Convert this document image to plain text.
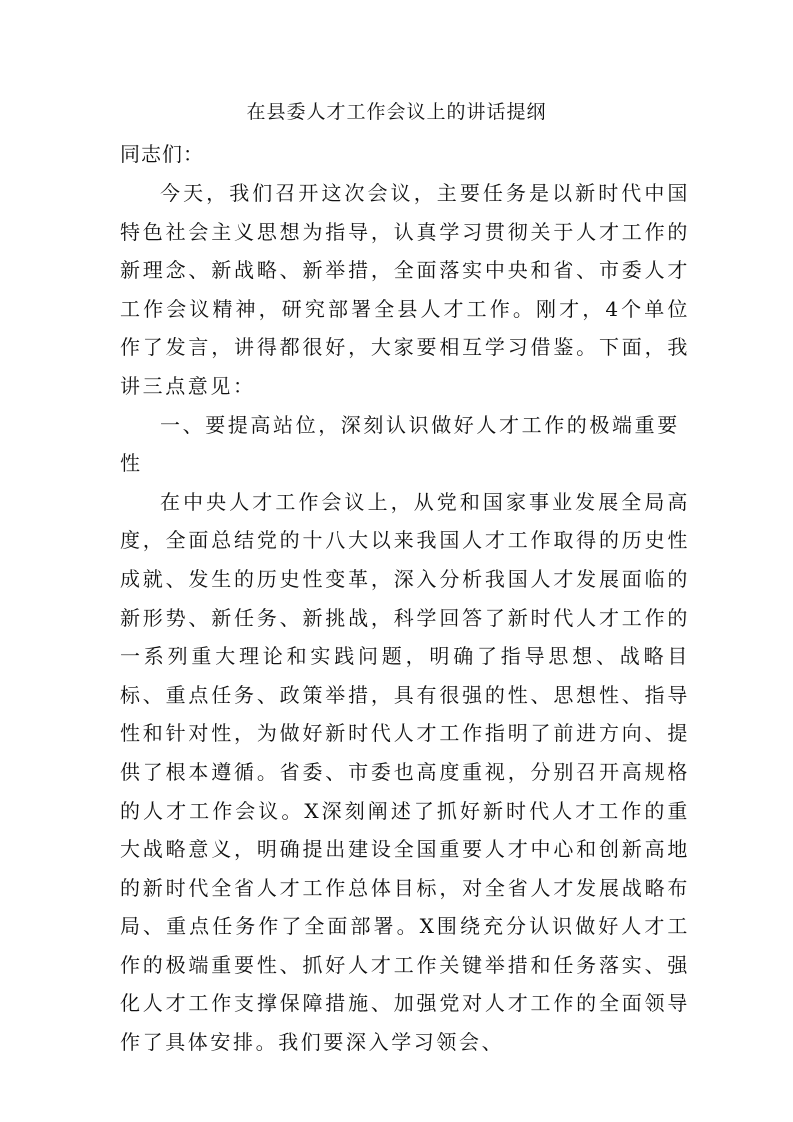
在县委人才工作会议上的讲话提纲
同志们：

今天，我们召开这次会议，主要任务是以新时代中国特色社会主义思想为指导，认真学习贯彻关于人才工作的新理念、新战略、新举措，全面落实中央和省、市委人才工作会议精神，研究部署全县人才工作。刚才，4个单位作了发言，讲得都很好，大家要相互学习借鉴。下面，我讲三点意见：

一、要提高站位，深刻认识做好人才工作的极端重要性

在中央人才工作会议上，从党和国家事业发展全局高度，全面总结党的十八大以来我国人才工作取得的历史性成就、发生的历史性变革，深入分析我国人才发展面临的新形势、新任务、新挑战，科学回答了新时代人才工作的一系列重大理论和实践问题，明确了指导思想、战略目标、重点任务、政策举措，具有很强的性、思想性、指导性和针对性，为做好新时代人才工作指明了前进方向、提供了根本遵循。省委、市委也高度重视，分别召开高规格的人才工作会议。X深刻阐述了抓好新时代人才工作的重大战略意义，明确提出建设全国重要人才中心和创新高地的新时代全省人才工作总体目标，对全省人才发展战略布局、重点任务作了全面部署。X围绕充分认识做好人才工作的极端重要性、抓好人才工作关键举措和任务落实、强化人才工作支撑保障措施、加强党对人才工作的全面领导作了具体安排。我们要深入学习领会、
